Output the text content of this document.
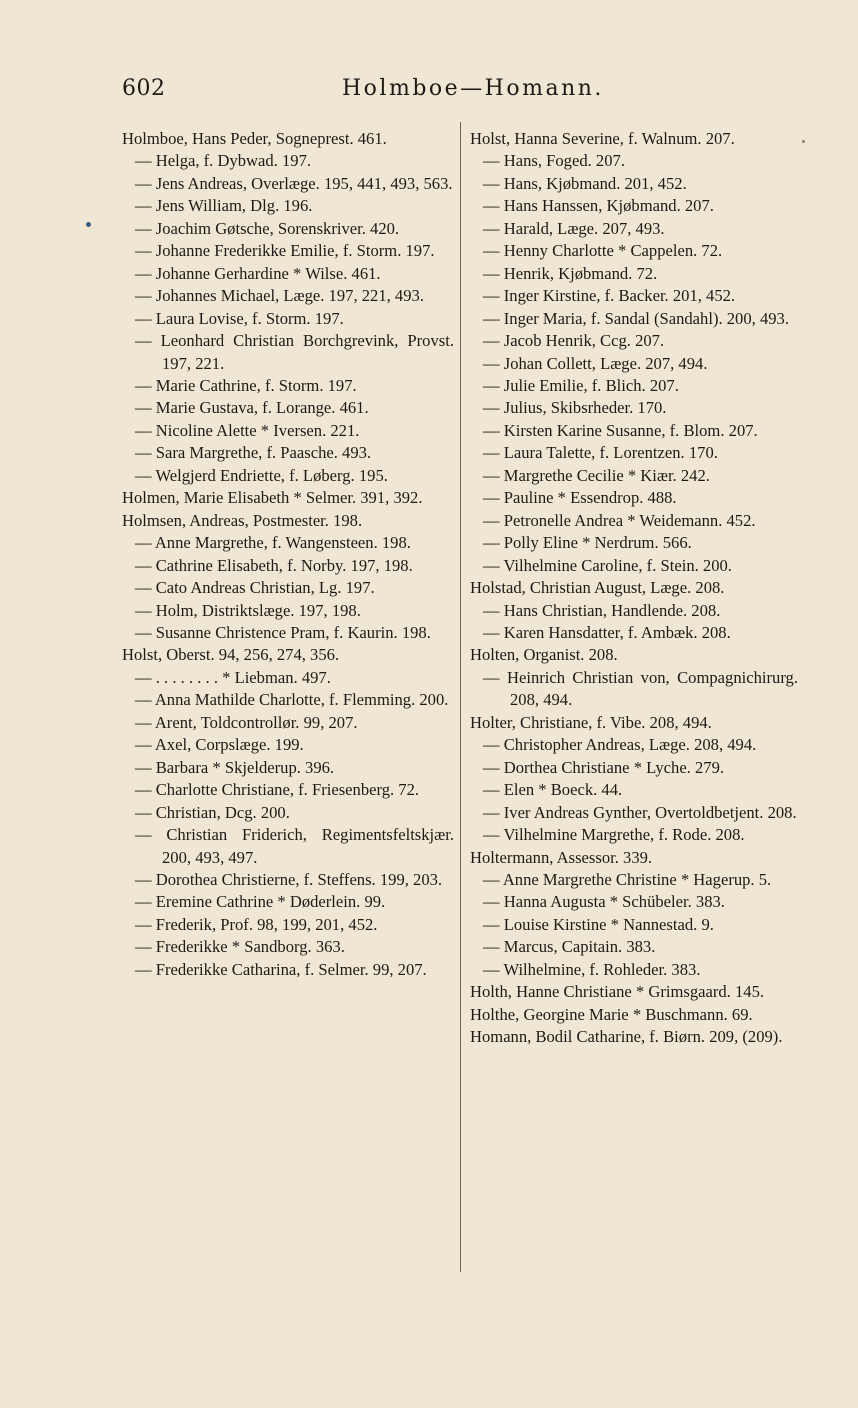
602	Holmboe—Homann.
Holmboe, Hans Peder, Sogneprest. 461.
— Helga, f. Dybwad. 197.
— Jens Andreas, Overlæge. 195, 441, 493, 563.
— Jens William, Dlg. 196.
— Joachim Gøtsche, Sorenskriver. 420.
— Johanne Frederikke Emilie, f. Storm. 197.
— Johanne Gerhardine * Wilse. 461.
— Johannes Michael, Læge. 197, 221, 493.
— Laura Lovise, f. Storm. 197.
— Leonhard Christian Borchgrevink, Provst. 197, 221.
— Marie Cathrine, f. Storm. 197.
— Marie Gustava, f. Lorange. 461.
— Nicoline Alette * Iversen. 221.
— Sara Margrethe, f. Paasche. 493.
— Welgjerd Endriette, f. Løberg. 195.
Holmen, Marie Elisabeth * Selmer. 391, 392.
Holmsen, Andreas, Postmester. 198.
— Anne Margrethe, f. Wangensteen. 198.
— Cathrine Elisabeth, f. Norby. 197, 198.
— Cato Andreas Christian, Lg. 197.
— Holm, Distriktslæge. 197, 198.
— Susanne Christence Pram, f. Kaurin. 198.
Holst, Oberst. 94, 256, 274, 356.
— . . . . . . . . * Liebman. 497.
— Anna Mathilde Charlotte, f. Flemming. 200.
— Arent, Toldcontrollør. 99, 207.
— Axel, Corpslæge. 199.
— Barbara * Skjelderup. 396.
— Charlotte Christiane, f. Friesenberg. 72.
— Christian, Dcg. 200.
— Christian Friderich, Regimentsfeltskjær. 200, 493, 497.
— Dorothea Christierne, f. Steffens. 199, 203.
— Eremine Cathrine * Døderlein. 99.
— Frederik, Prof. 98, 199, 201, 452.
— Frederikke * Sandborg. 363.
— Frederikke Catharina, f. Selmer. 99, 207.
Holst, Hanna Severine, f. Walnum. 207.
— Hans, Foged. 207.
— Hans, Kjøbmand. 201, 452.
— Hans Hanssen, Kjøbmand. 207.
— Harald, Læge. 207, 493.
— Henny Charlotte * Cappelen. 72.
— Henrik, Kjøbmand. 72.
— Inger Kirstine, f. Backer. 201, 452.
— Inger Maria, f. Sandal (Sandahl). 200, 493.
— Jacob Henrik, Ccg. 207.
— Johan Collett, Læge. 207, 494.
— Julie Emilie, f. Blich. 207.
— Julius, Skibsrheder. 170.
— Kirsten Karine Susanne, f. Blom. 207.
— Laura Talette, f. Lorentzen. 170.
— Margrethe Cecilie * Kiær. 242.
— Pauline * Essendrop. 488.
— Petronelle Andrea * Weidemann. 452.
— Polly Eline * Nerdrum. 566.
— Vilhelmine Caroline, f. Stein. 200.
Holstad, Christian August, Læge. 208.
— Hans Christian, Handlende. 208.
— Karen Hansdatter, f. Ambæk. 208.
Holten, Organist. 208.
— Heinrich Christian von, Compagnichirurg. 208, 494.
Holter, Christiane, f. Vibe. 208, 494.
— Christopher Andreas, Læge. 208, 494.
— Dorthea Christiane * Lyche. 279.
— Elen * Boeck. 44.
— Iver Andreas Gynther, Overtoldbetjent. 208.
— Vilhelmine Margrethe, f. Rode. 208.
Holtermann, Assessor. 339.
— Anne Margrethe Christine * Hagerup. 5.
— Hanna Augusta * Schübeler. 383.
— Louise Kirstine * Nannestad. 9.
— Marcus, Capitain. 383.
— Wilhelmine, f. Rohleder. 383.
Holth, Hanne Christiane * Grimsgaard. 145.
Holthe, Georgine Marie * Buschmann. 69.
Homann, Bodil Catharine, f. Biørn. 209, (209).
